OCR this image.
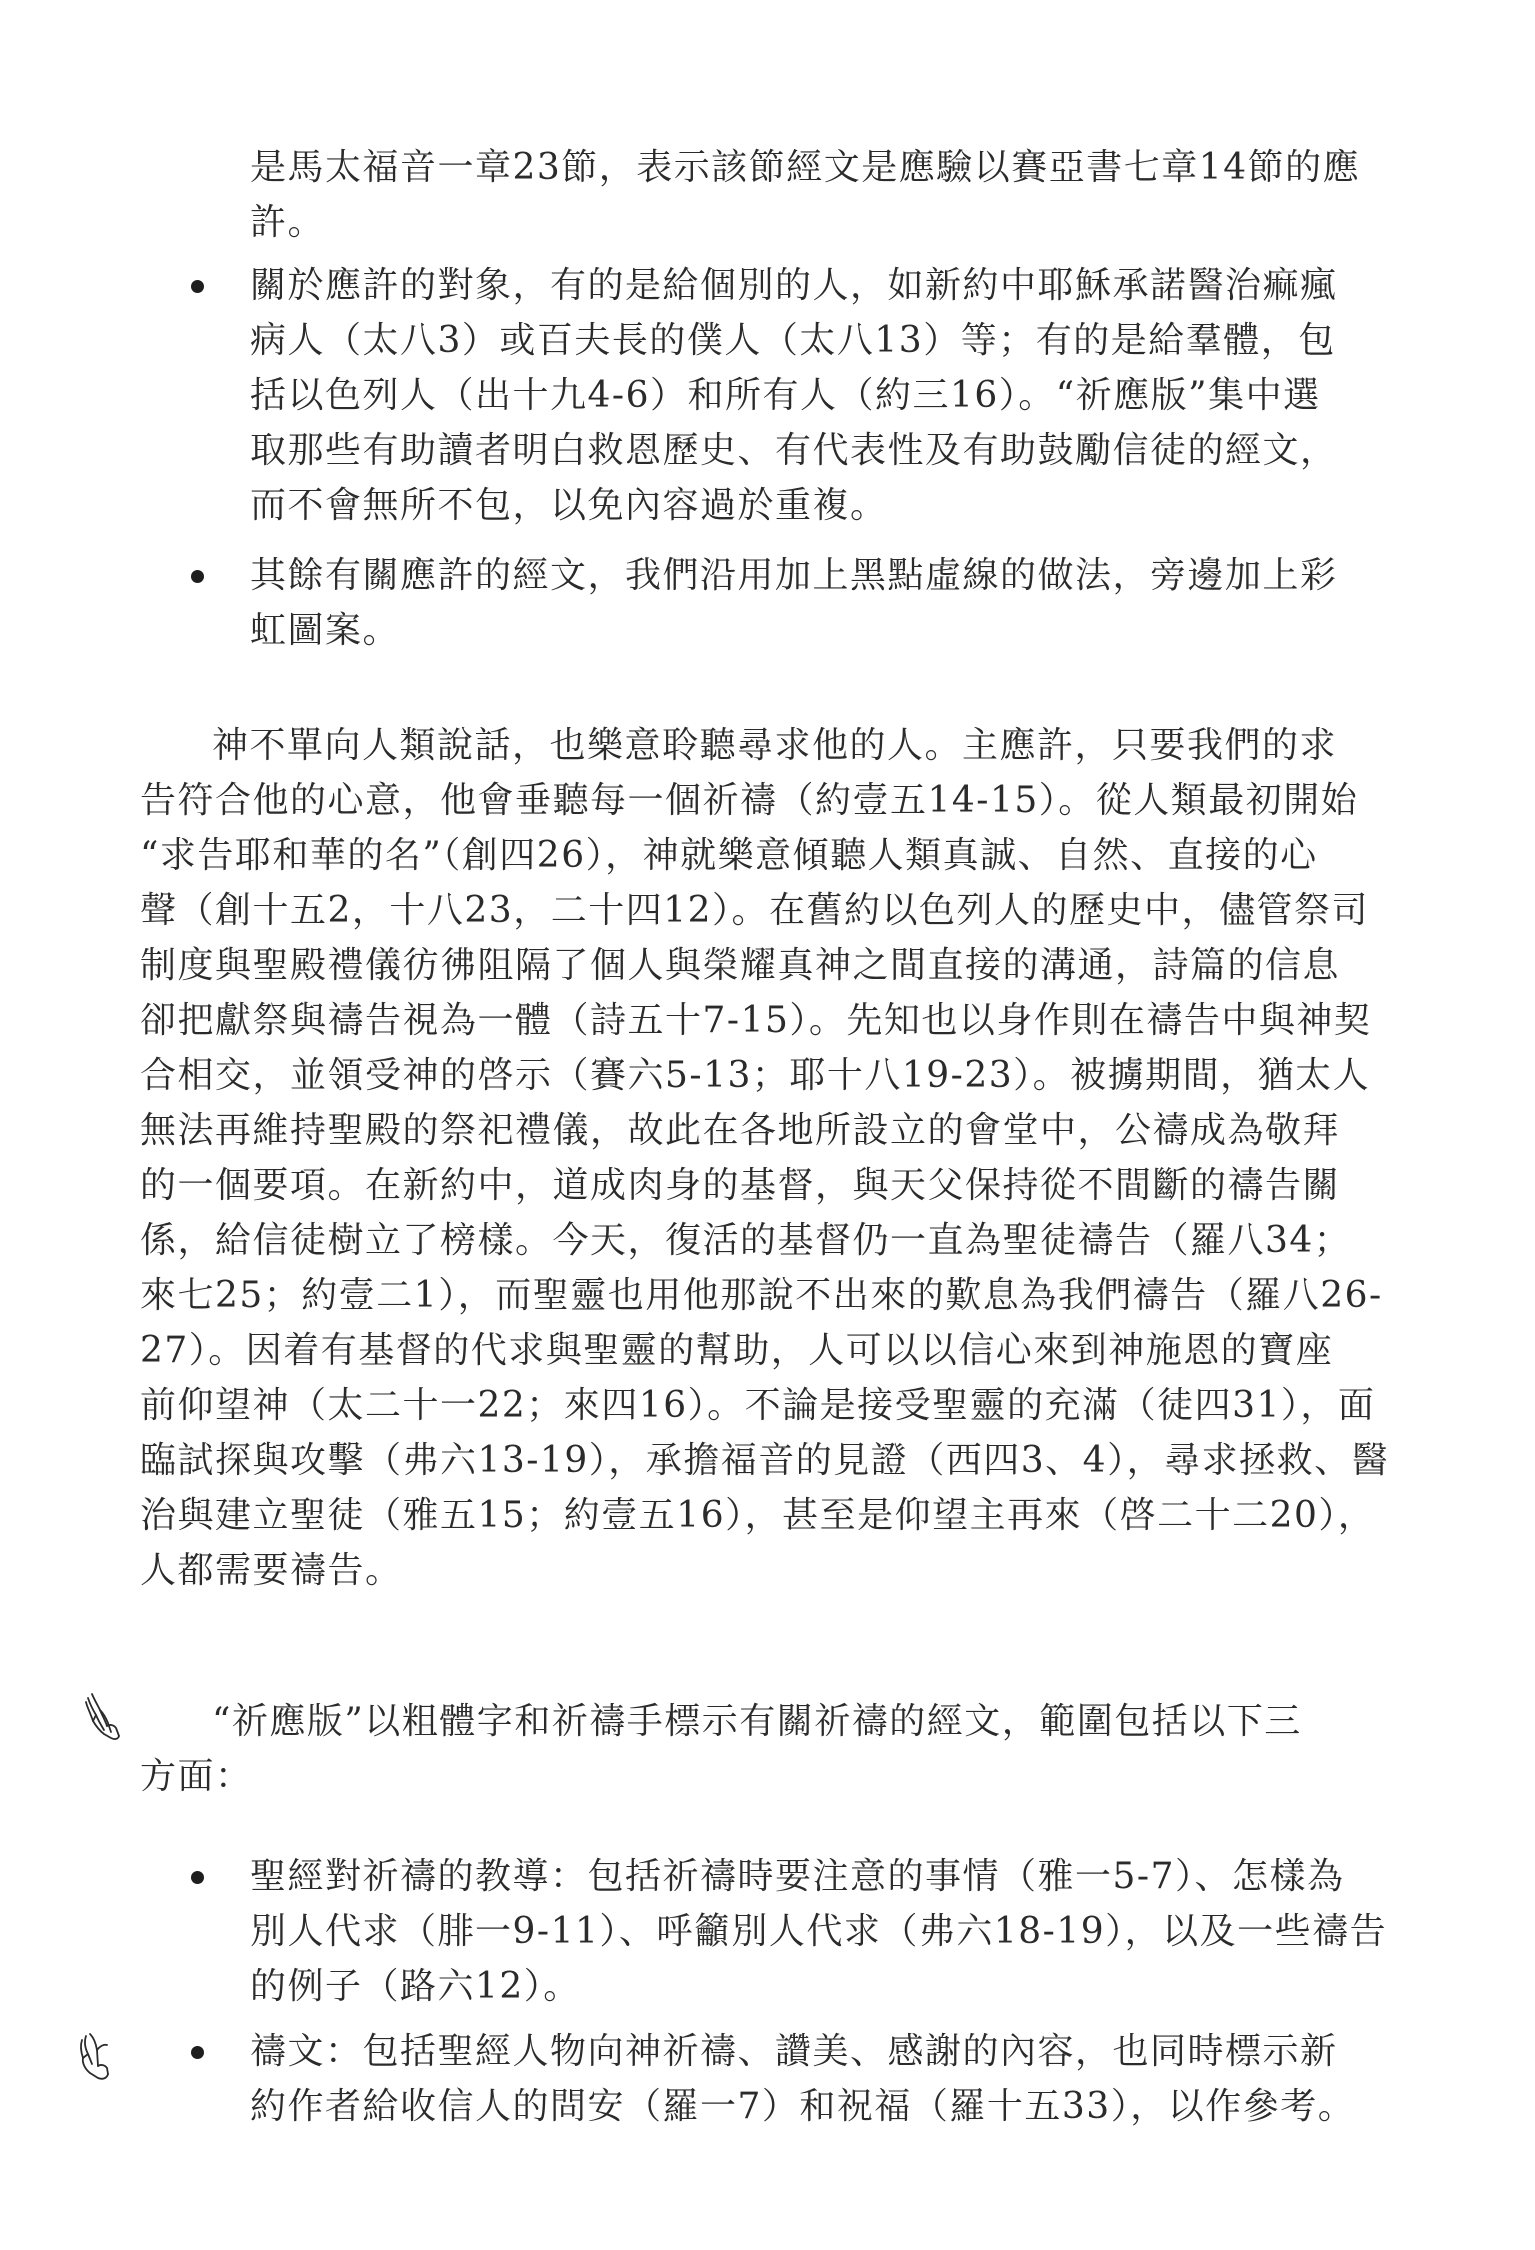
是馬太福音一章23節，表示該節經文是應驗以賽亞書七章14節的應
許。
關於應許的對象，有的是給個別的人，如新約中耶穌承諾醫治痲瘋
病人（太八3）或百夫長的僕人（太八13）等；有的是給羣體，包
括以色列人（出十九4-6）和所有人（約三16）。“祈應版”集中選
取那些有助讀者明白救恩歷史、有代表性及有助鼓勵信徒的經文，
而不會無所不包，以免內容過於重複。
其餘有關應許的經文，我們沿用加上黑點虛線的做法，旁邊加上彩
虹圖案。
神不單向人類說話，也樂意聆聽尋求他的人。主應許，只要我們的求
告符合他的心意，他會垂聽每一個祈禱（約壹五14-15）。從人類最初開始
“求告耶和華的名”（創四26），神就樂意傾聽人類真誠、自然、直接的心
聲（創十五2，十八23，二十四12）。在舊約以色列人的歷史中，儘管祭司
制度與聖殿禮儀彷彿阻隔了個人與榮耀真神之間直接的溝通，詩篇的信息
卻把獻祭與禱告視為一體（詩五十7-15）。先知也以身作則在禱告中與神契
合相交，並領受神的啓示（賽六5-13；耶十八19-23）。被擄期間，猶太人
無法再維持聖殿的祭祀禮儀，故此在各地所設立的會堂中，公禱成為敬拜
的一個要項。在新約中，道成肉身的基督，與天父保持從不間斷的禱告關
係，給信徒樹立了榜樣。今天，復活的基督仍一直為聖徒禱告（羅八34；
來七25；約壹二1），而聖靈也用他那說不出來的歎息為我們禱告（羅八26-
27）。因着有基督的代求與聖靈的幫助，人可以以信心來到神施恩的寶座
前仰望神（太二十一22；來四16）。不論是接受聖靈的充滿（徒四31），面
臨試探與攻擊（弗六13-19），承擔福音的見證（西四3、4），尋求拯救、醫
治與建立聖徒（雅五15；約壹五16），甚至是仰望主再來（啓二十二20），
人都需要禱告。
“祈應版”以粗體字和祈禱手標示有關祈禱的經文，範圍包括以下三
方面：
聖經對祈禱的教導：包括祈禱時要注意的事情（雅一5-7）、怎樣為
別人代求（腓一9-11）、呼籲別人代求（弗六18-19），以及一些禱告
的例子（路六12）。
禱文：包括聖經人物向神祈禱、讚美、感謝的內容，也同時標示新
約作者給收信人的問安（羅一7）和祝福（羅十五33），以作參考。
